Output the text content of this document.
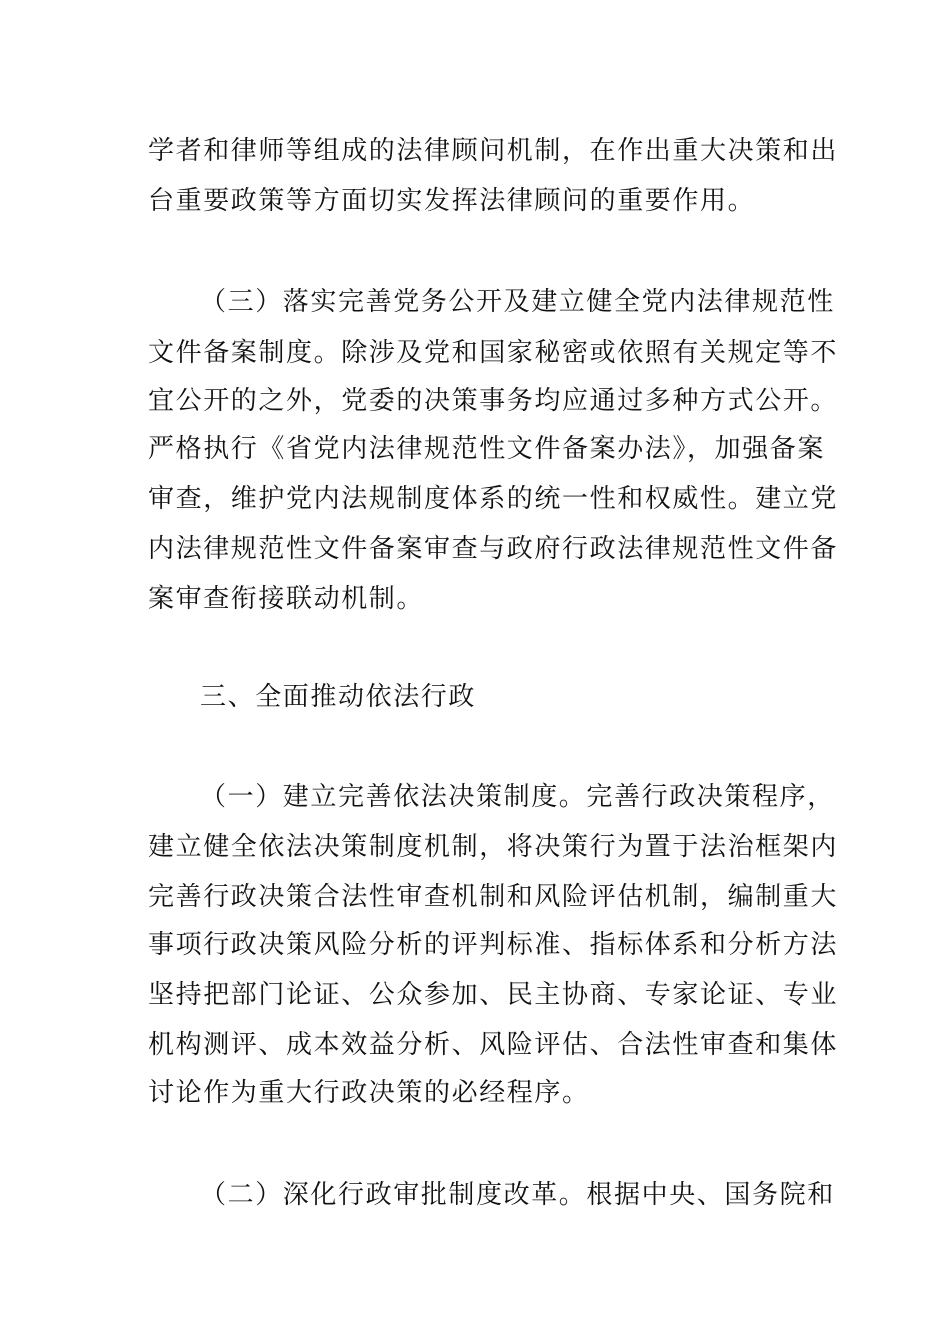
学者和律师等组成的法律顾问机制，在作出重大决策和出
台重要政策等方面切实发挥法律顾问的重要作用。
（三）落实完善党务公开及建立健全党内法律规范性
文件备案制度。除涉及党和国家秘密或依照有关规定等不
宜公开的之外，党委的决策事务均应通过多种方式公开。
严格执行《省党内法律规范性文件备案办法》，加强备案
审查，维护党内法规制度体系的统一性和权威性。建立党
内法律规范性文件备案审查与政府行政法律规范性文件备
案审查衔接联动机制。
三、全面推动依法行政
（一）建立完善依法决策制度。完善行政决策程序，
建立健全依法决策制度机制，将决策行为置于法治框架内
完善行政决策合法性审查机制和风险评估机制，编制重大
事项行政决策风险分析的评判标准、指标体系和分析方法
坚持把部门论证、公众参加、民主协商、专家论证、专业
机构测评、成本效益分析、风险评估、合法性审查和集体
讨论作为重大行政决策的必经程序。
（二）深化行政审批制度改革。根据中央、国务院和
